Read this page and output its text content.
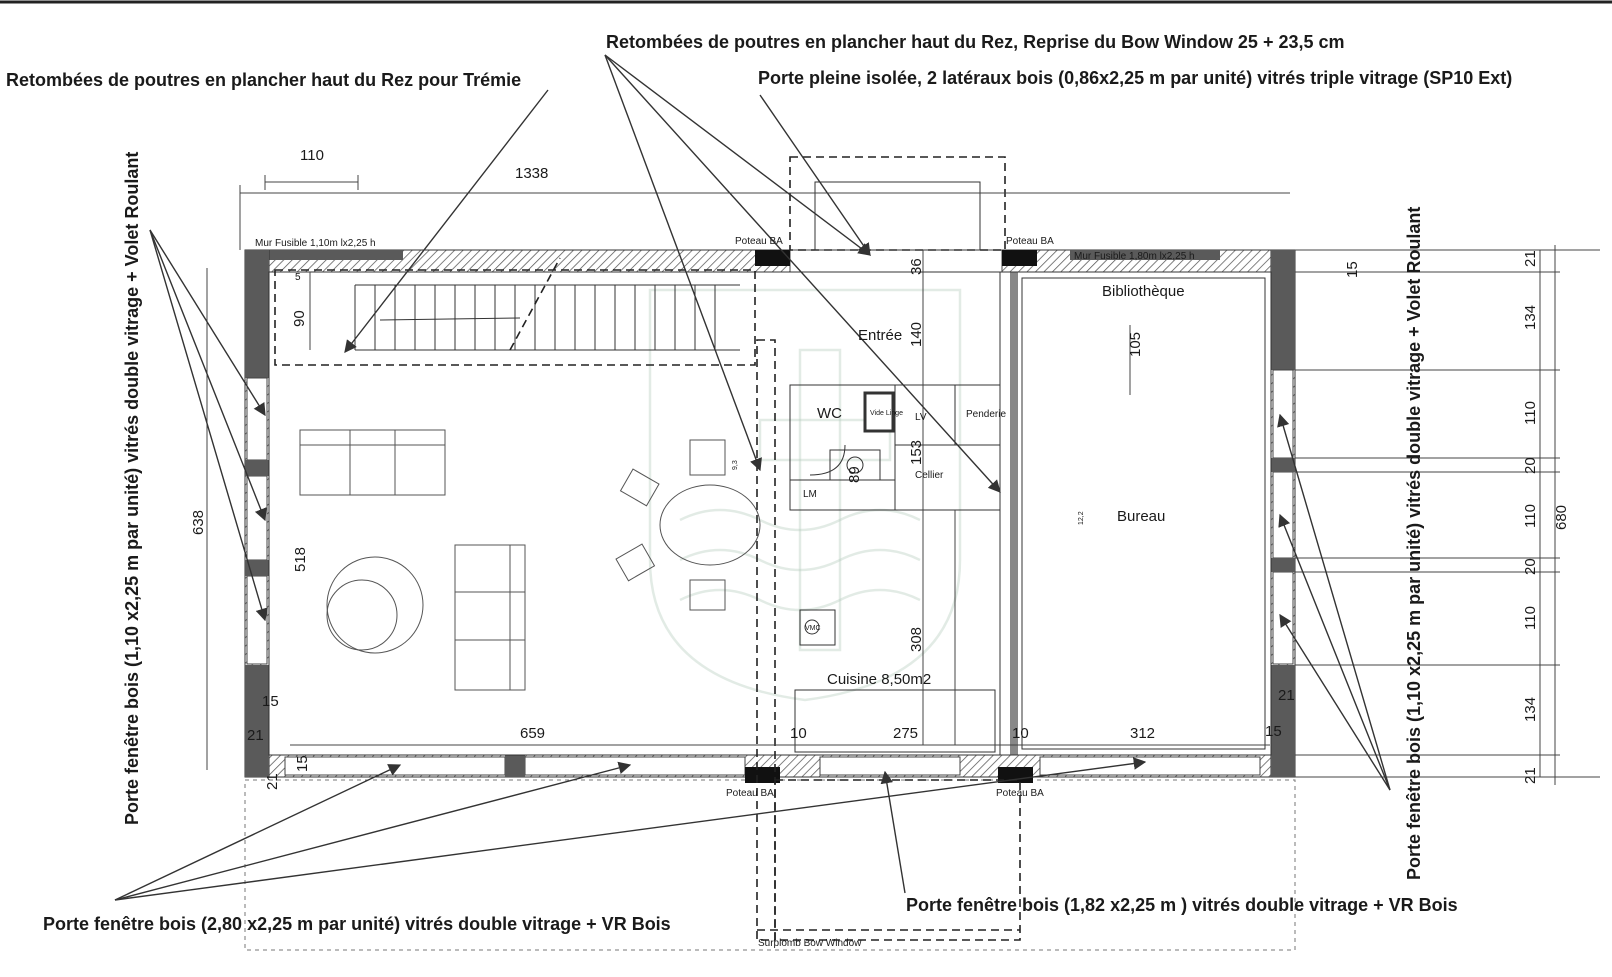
Retombées de poutres en plancher haut du Rez pour Trémie
Retombées de poutres en plancher haut du Rez, Reprise du Bow Window 25 + 23,5 cm
Porte pleine isolée, 2 latéraux bois (0,86x2,25 m par unité) vitrés triple vitrage (SP10 Ext)
Porte fenêtre bois (1,10 x2,25 m par unité) vitrés double vitrage + Volet Roulant	Porte fenêtre bois (1,10 x2,25 m par unité) vitrés double vitrage + Volet Roulant
Porte fenêtre bois (2,80 x2,25 m par unité) vitrés double vitrage + VR Bois
Porte fenêtre bois (1,82 x2,25 m ) vitrés double vitrage + VR Bois
Entrée
WC	Vide Linge LV	Penderie
Cellier
LM
VMC
Cuisine 8,50m2
Bibliothèque
Bureau
Surplomb Bow Window
Mur Fusible 1,10m lx2,25 h
Mur Fusible 1,80m lx2,25 h
Poteau BA	Poteau BA
Poteau BA	Poteau BA
110
1338
638
518
90
5
36
140	105
153
89
308
9,3
12,2
659	10	275	10	312
15
21
15
21
15
21
15
21
134
110
20
110
20
110
134
21
680
